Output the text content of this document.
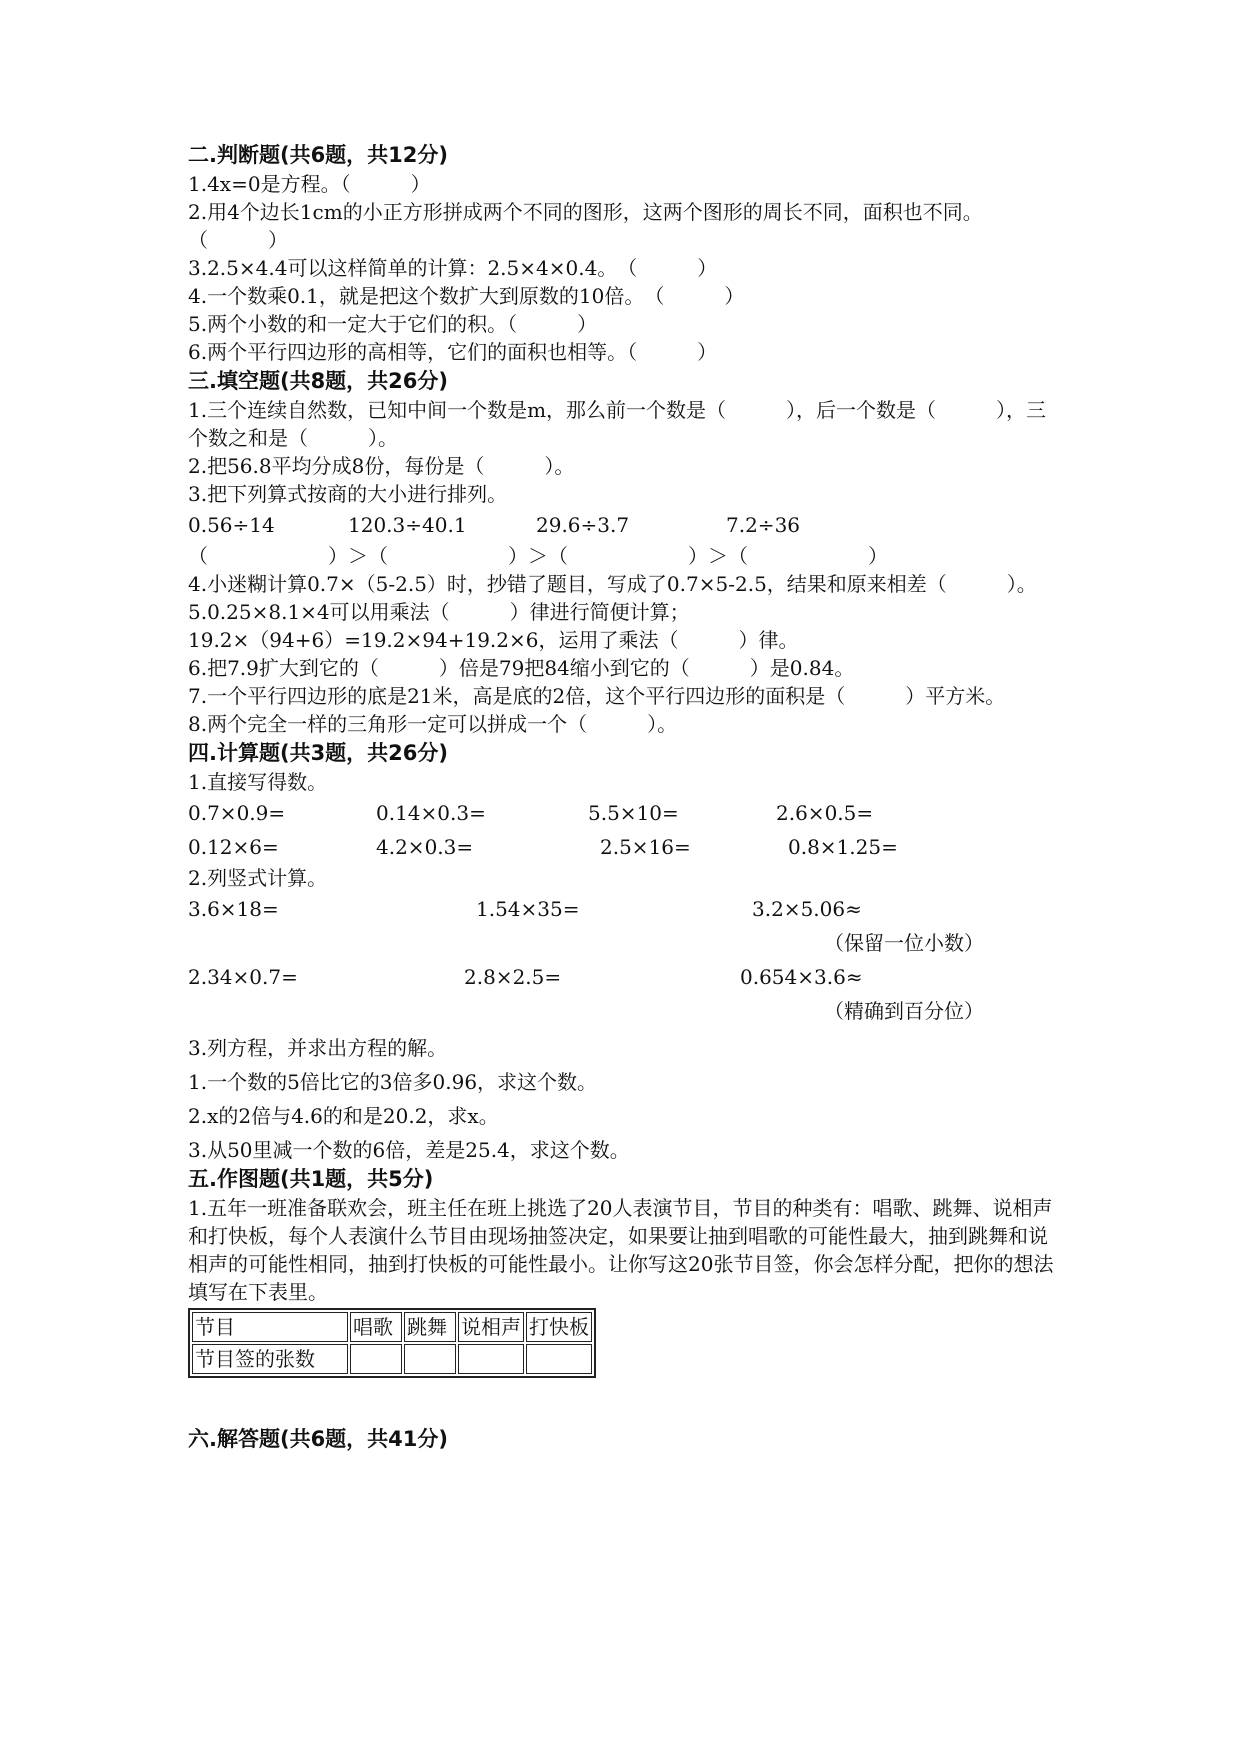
二.判断题(共6题，共12分)

1.4x=0是方程。（　　　）

2.用4个边长1cm的小正方形拼成两个不同的图形，这两个图形的周长不同，面积也不同。（　　　）

3.2.5×4.4可以这样简单的计算：2.5×4×0.4。　（　　　）

4.一个数乘0.1，就是把这个数扩大到原数的10倍。　（　　　）

5.两个小数的和一定大于它们的积。（　　　）

6.两个平行四边形的高相等，它们的面积也相等。（　　　）

三.填空题(共8题，共26分)

1.三个连续自然数，已知中间一个数是m，那么前一个数是（　　　），后一个数是（　　　），三个数之和是（　　　）。

2.把56.8平均分成8份，每份是（　　　）。

3.把下列算式按商的大小进行排列。

0.56÷14	120.3÷40.1	29.6÷3.7	7.2÷36

（　　　　　　）＞（　　　　　　）＞（　　　　　　）＞（　　　　　　）

4.小迷糊计算0.7×（5-2.5）时，抄错了题目，写成了0.7×5-2.5，结果和原来相差（　　　）。

5.0.25×8.1×4可以用乘法（　　　）律进行简便计算；

19.2×（94+6）=19.2×94+19.2×6，运用了乘法（　　　）律。

6.把7.9扩大到它的（　　　）倍是79把84缩小到它的（　　　）是0.84。

7.一个平行四边形的底是21米，高是底的2倍，这个平行四边形的面积是（　　　）平方米。

8.两个完全一样的三角形一定可以拼成一个（　　　）。

四.计算题(共3题，共26分)

1.直接写得数。

0.7×0.9=	0.14×0.3=	5.5×10=	2.6×0.5=
0.12×6=	4.2×0.3=	2.5×16=	0.8×1.25=

2.列竖式计算。

3.6×18=	1.54×35=	3.2×5.06≈
（保留一位小数）
2.34×0.7=	2.8×2.5=	0.654×3.6≈
（精确到百分位）

3.列方程，并求出方程的解。

1.一个数的5倍比它的3倍多0.96，求这个数。

2.x的2倍与4.6的和是20.2，求x。

3.从50里减一个数的6倍，差是25.4，求这个数。

五.作图题(共1题，共5分)

1.五年一班准备联欢会，班主任在班上挑选了20人表演节目，节目的种类有：唱歌、跳舞、说相声和打快板，每个人表演什么节目由现场抽签决定，如果要让抽到唱歌的可能性最大，抽到跳舞和说相声的可能性相同，抽到打快板的可能性最小。让你写这20张节目签，你会怎样分配，把你的想法填写在下表里。

节目	唱歌	跳舞	说相声	打快板
节目签的张数				

六.解答题(共6题，共41分)
